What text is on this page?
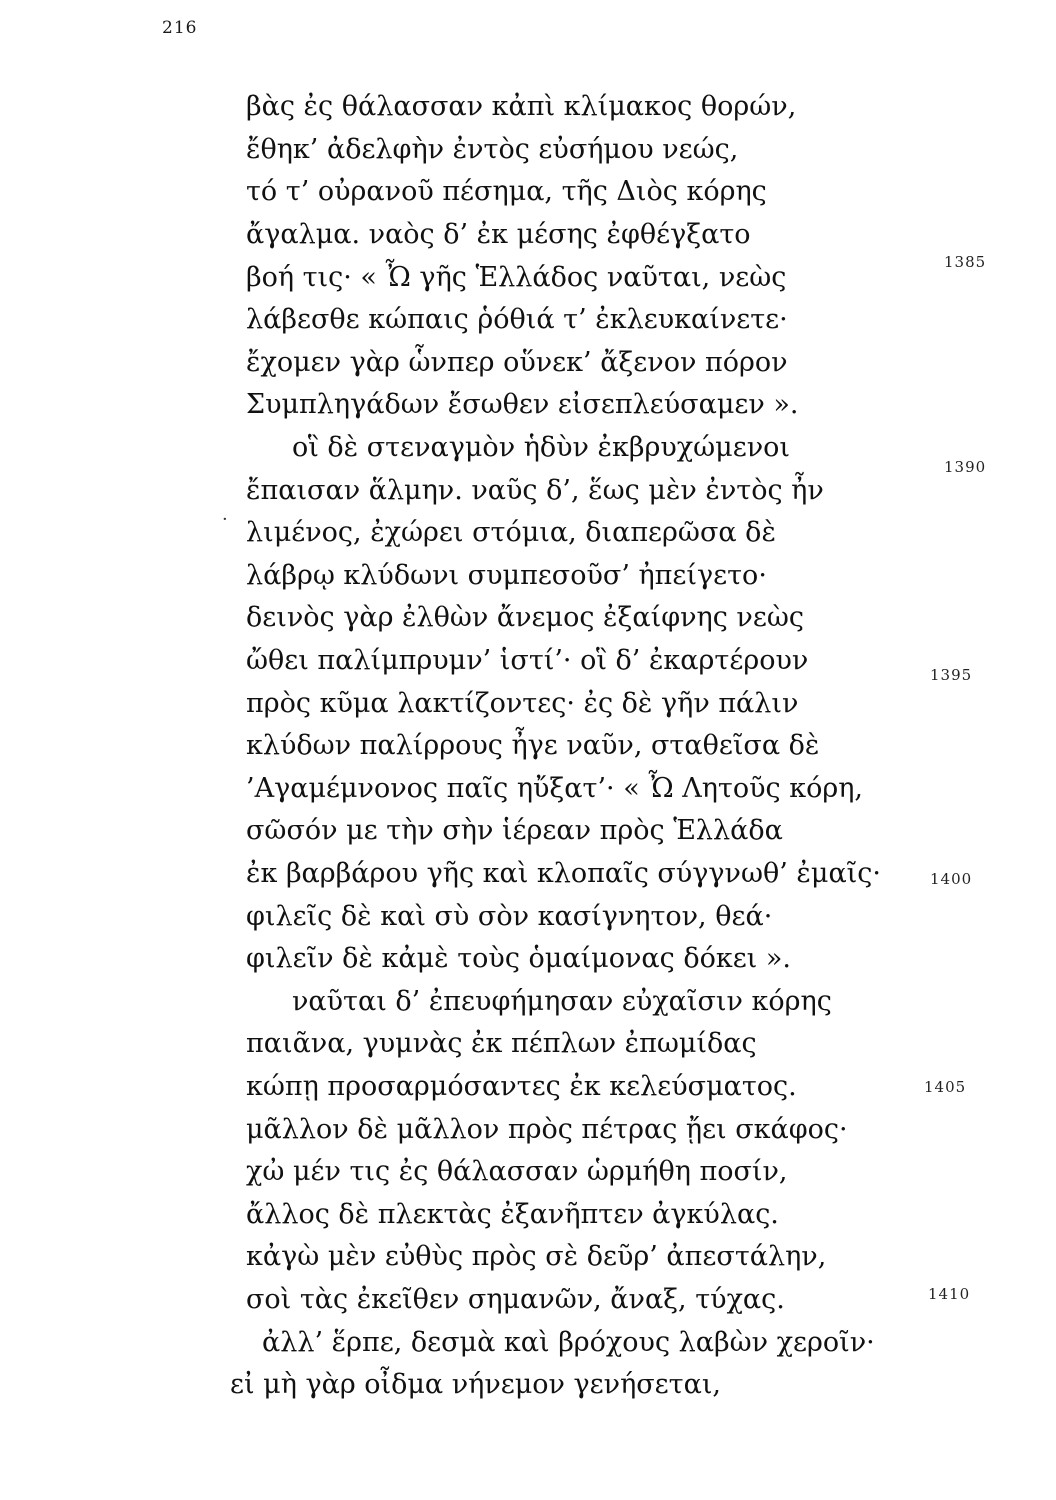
216
βὰς ἐς θάλασσαν κἀπὶ κλίμακος θορών,
ἔθηκ’ ἀδελφὴν ἐντὸς εὐσήμου νεώς,
τό τ’ οὐρανοῦ πέσημα, τῆς Διὸς κόρης
ἄγαλμα. ναὸς δ’ ἐκ μέσης ἐφθέγξατο
βοή τις· « Ὦ γῆς Ἑλλάδος ναῦται, νεὼς
λάβεσθε κώπαις ῥόθιά τ’ ἐκλευκαίνετε·
ἔχομεν γὰρ ὧνπερ οὕνεκ’ ἄξενον πόρον
Συμπληγάδων ἔσωθεν εἰσεπλεύσαμεν ».
οἳ δὲ στεναγμὸν ἡδὺν ἐκβρυχώμενοι
ἔπαισαν ἅλμην. ναῦς δ’, ἕως μὲν ἐντὸς ἦν
λιμένος, ἐχώρει στόμια, διαπερῶσα δὲ
λάβρῳ κλύδωνι συμπεσοῦσ’ ἠπείγετο·
δεινὸς γὰρ ἐλθὼν ἄνεμος ἐξαίφνης νεὼς
ὤθει παλίμπρυμν’ ἱστί’· οἳ δ’ ἐκαρτέρουν
πρὸς κῦμα λακτίζοντες· ἐς δὲ γῆν πάλιν
κλύδων παλίρρους ἦγε ναῦν, σταθεῖσα δὲ
’Αγαμέμνονος παῖς ηὔξατ’· « Ὦ Λητοῦς κόρη,
σῶσόν με τὴν σὴν ἱέρεαν πρὸς Ἑλλάδα
ἐκ βαρβάρου γῆς καὶ κλοπαῖς σύγγνωθ’ ἐμαῖς·
φιλεῖς δὲ καὶ σὺ σὸν κασίγνητον, θεά·
φιλεῖν δὲ κἀμὲ τοὺς ὁμαίμονας δόκει ».
ναῦται δ’ ἐπευφήμησαν εὐχαῖσιν κόρης
παιᾶνα, γυμνὰς ἐκ πέπλων ἐπωμίδας
κώπῃ προσαρμόσαντες ἐκ κελεύσματος.
μᾶλλον δὲ μᾶλλον πρὸς πέτρας ᾔει σκάφος·
χὠ μέν τις ἐς θάλασσαν ὡρμήθη ποσίν,
ἄλλος δὲ πλεκτὰς ἐξανῆπτεν ἀγκύλας.
κἀγὼ μὲν εὐθὺς πρὸς σὲ δεῦρ’ ἀπεστάλην,
σοὶ τὰς ἐκεῖθεν σημανῶν, ἄναξ, τύχας.
ἀλλ’ ἕρπε, δεσμὰ καὶ βρόχους λαβὼν χεροῖν·
εἰ μὴ γὰρ οἶδμα νήνεμον γενήσεται,
1385
1390
1395
1400
1405
1410
·
